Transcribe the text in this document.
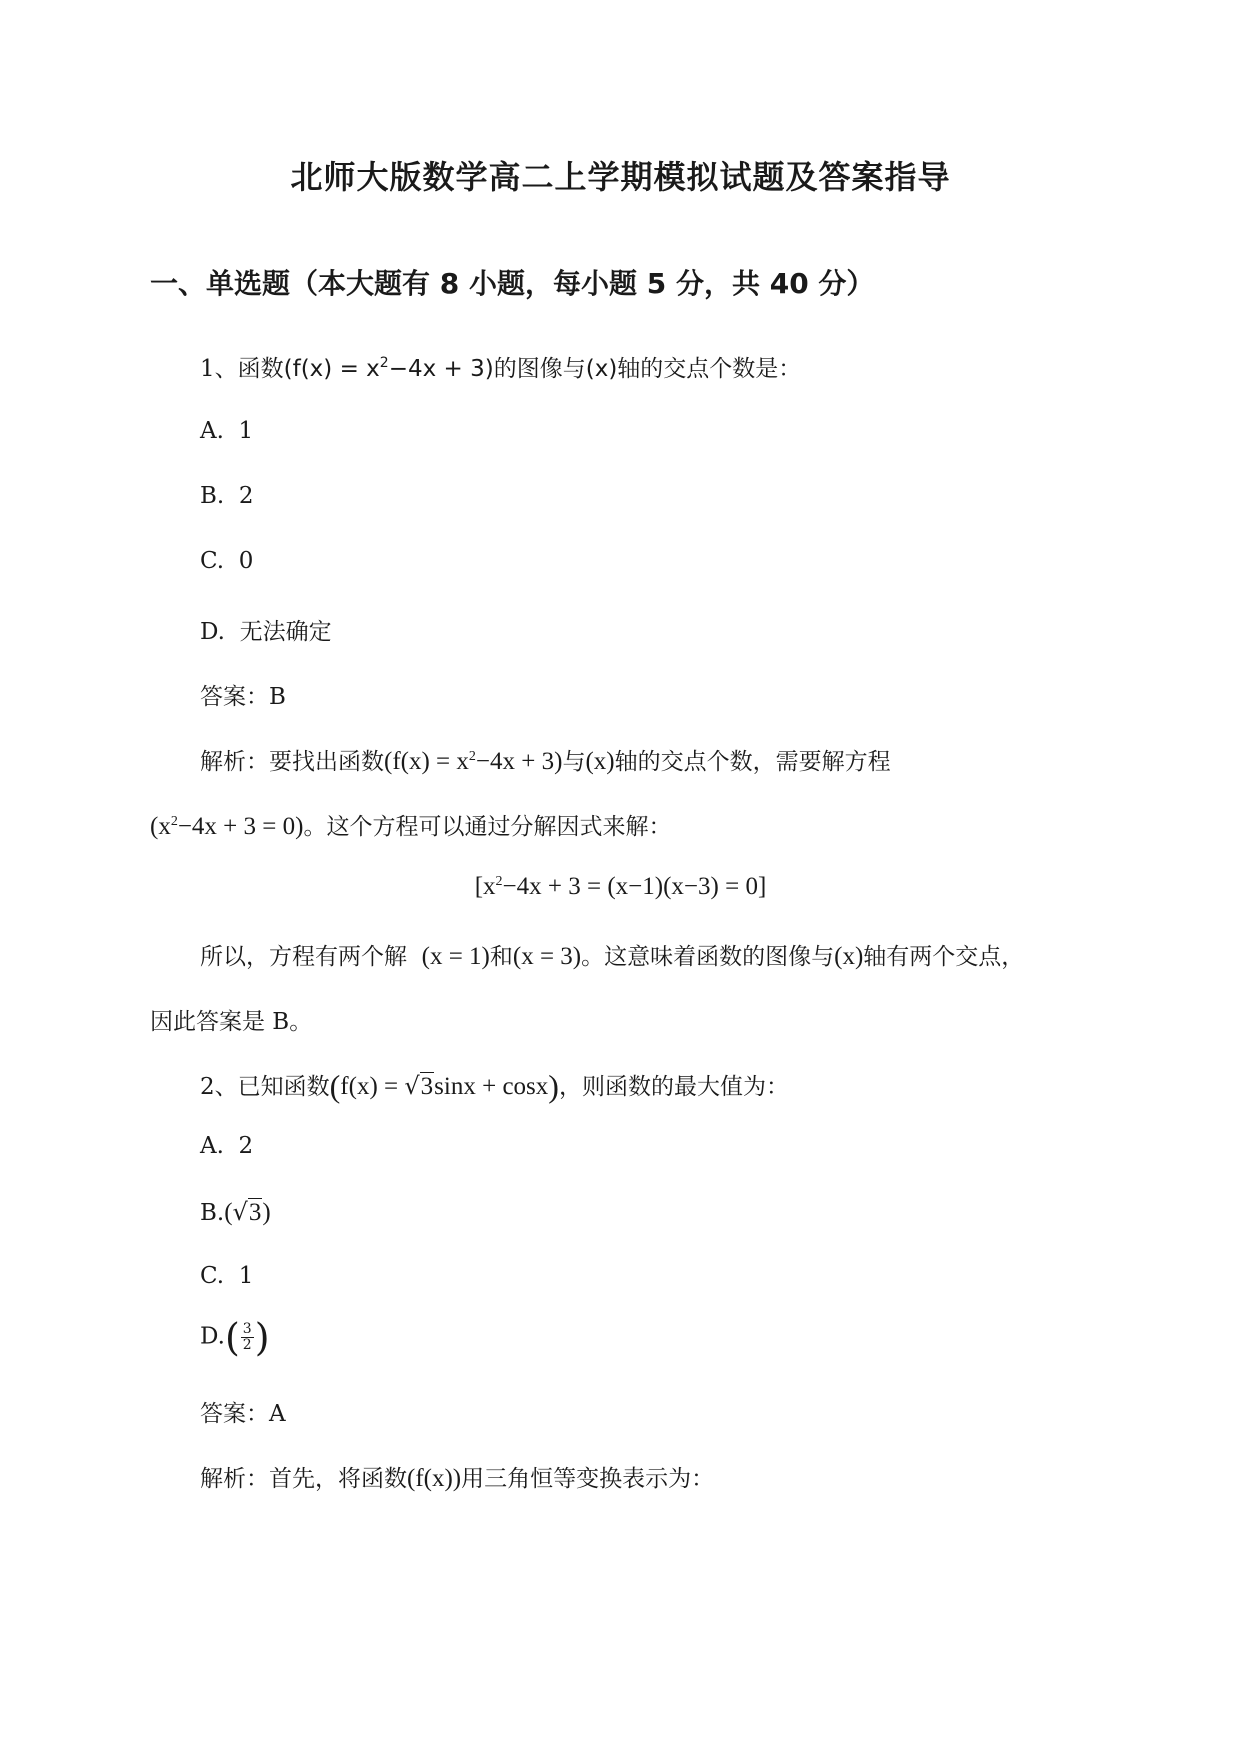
北师大版数学高二上学期模拟试题及答案指导
一、单选题（本大题有 8 小题，每小题 5 分，共 40 分）
1、函数$(f(x) = x^2-4x + 3)$的图像与(x)轴的交点个数是：
A. 1
B. 2
C. 0
D. 无法确定
答案：B
解析：要找出函数$(f(x) = x^2-4x + 3)$与(x)轴的交点个数，需要解方程
$(x^2-4x + 3 = 0)$。这个方程可以通过分解因式来解：
$[x^2-4x + 3 = (x-1)(x-3) = 0]$
所以，方程有两个解 (x = 1)和(x = 3)。这意味着函数的图像与(x)轴有两个交点，
因此答案是 B。
2、已知函数(f(x) = √3sinx + cosx)，则函数的最大值为：
A. 2
B.(√3)
C. 1
$D.( \frac{3}{2}$ )
答案：A
解析：首先，将函数(f(x))用三角恒等变换表示为：
